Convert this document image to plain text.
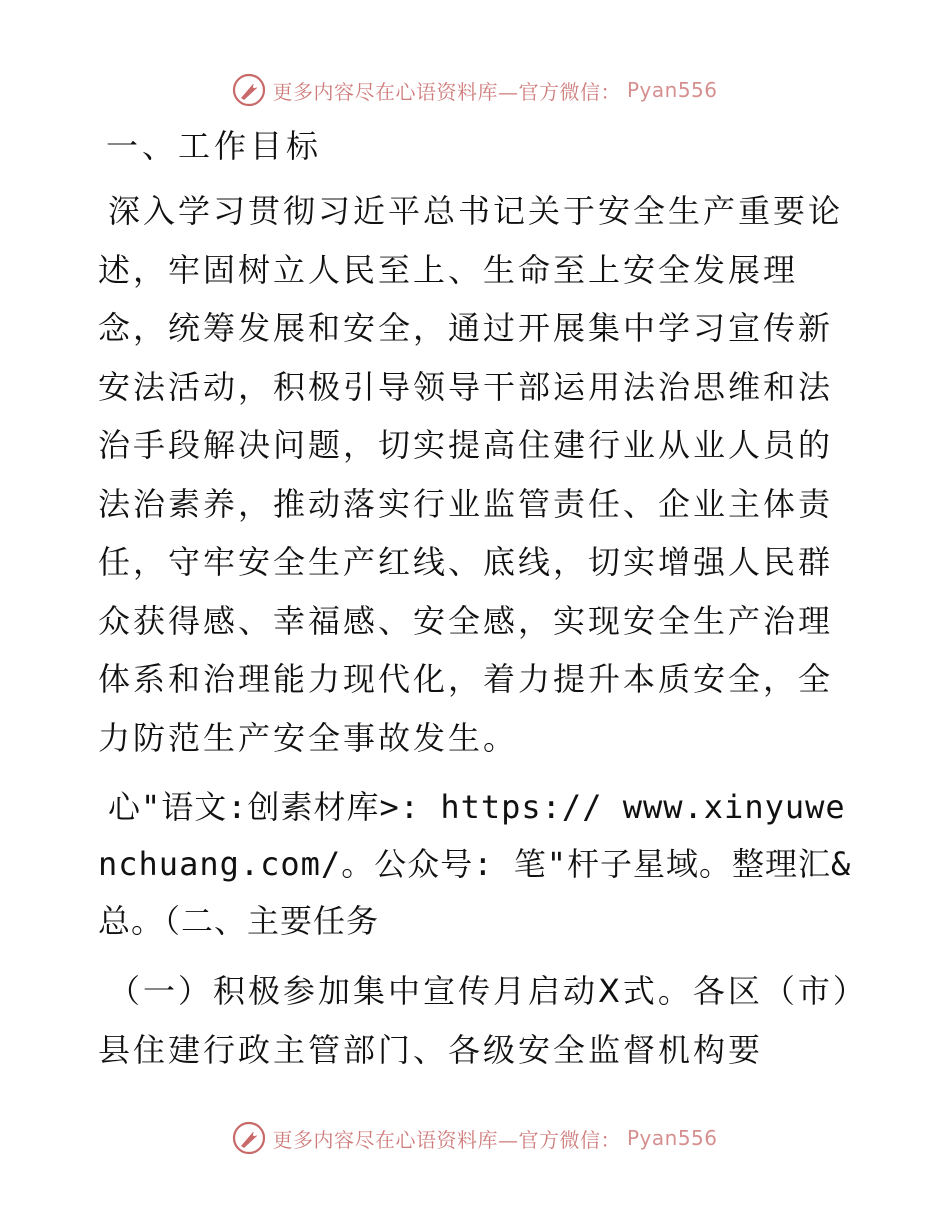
更多内容尽在心语资料库—官方微信： Pyan556
一、工作目标

深入学习贯彻习近平总书记关于安全生产重要论述，牢固树立人民至上、生命至上安全发展理念，统筹发展和安全，通过开展集中学习宣传新安法活动，积极引导领导干部运用法治思维和法治手段解决问题，切实提高住建行业从业人员的法治素养，推动落实行业监管责任、企业主体责任，守牢安全生产红线、底线，切实增强人民群众获得感、幸福感、安全感，实现安全生产治理体系和治理能力现代化，着力提升本质安全，全力防范生产安全事故发生。

心"语文:创素材库>: https:// www.xinyuwenchuang.com/。公众号: 笔"杆子星域。整理汇&总。（二、主要任务

（一）积极参加集中宣传月启动X式。各区（市）县住建行政主管部门、各级安全监督机构要

更多内容尽在心语资料库—官方微信： Pyan556
